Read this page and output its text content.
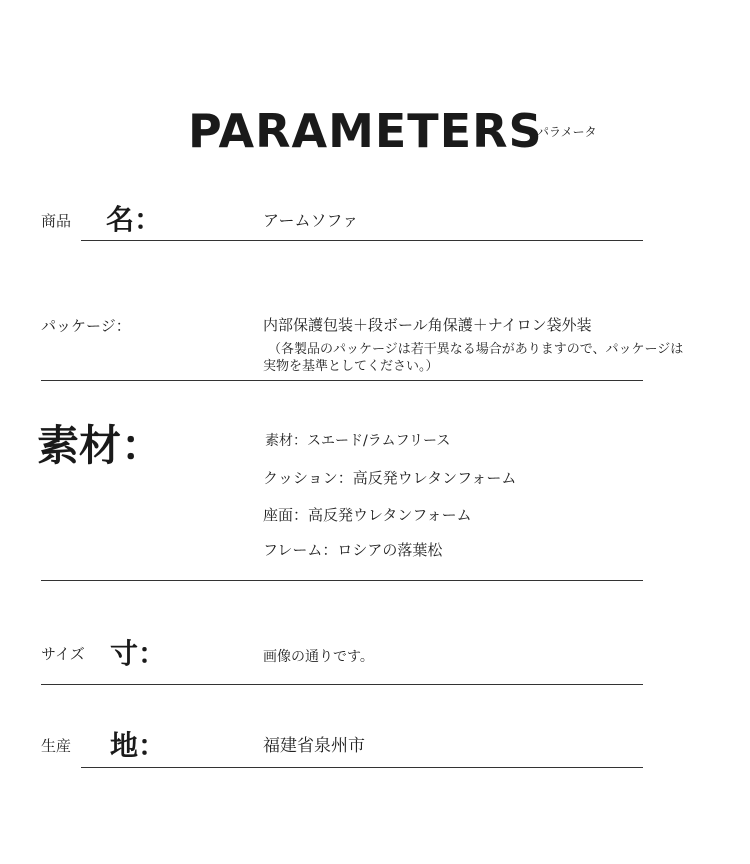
PARAMETERS
パラメータ
商品 名：	アームソファ
パッケージ：	内部保護包装＋段ボール角保護＋ナイロン袋外装
（各製品のパッケージは若干異なる場合がありますので、パッケージは
実物を基準としてください。）
素材：	素材：スエード/ラムフリース
クッション：高反発ウレタンフォーム
座面：高反発ウレタンフォーム
フレーム：ロシアの落葉松
サイズ 寸：	画像の通りです。
生産 地：	福建省泉州市
